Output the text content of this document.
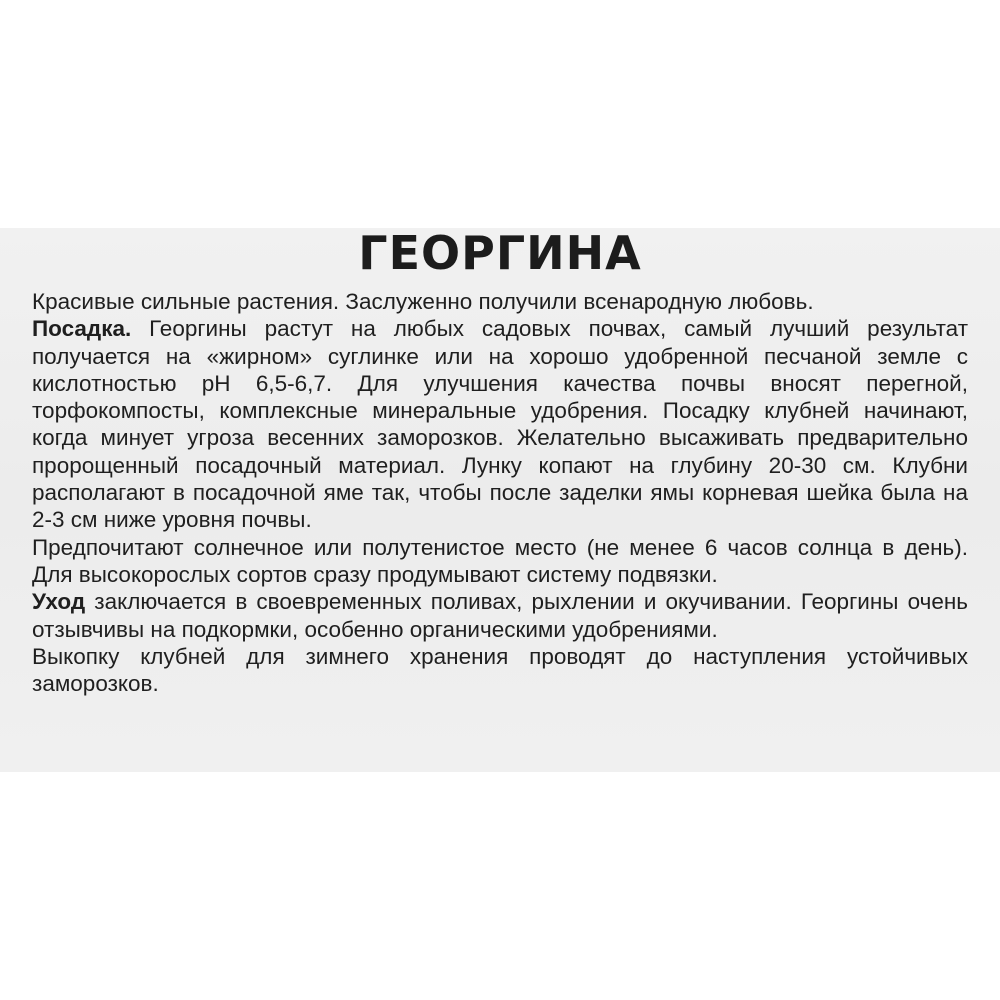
ГЕОРГИНА

Красивые сильные растения. Заслуженно получили всенародную любовь.

Посадка. Георгины растут на любых садовых почвах, самый лучший результат получается на «жирном» суглинке или на хорошо удобренной песчаной земле с кислотностью pH 6,5-6,7. Для улучшения качества почвы вносят перегной, торфокомпосты, комплексные минеральные удобрения. Посадку клубней начинают, когда минует угроза весенних заморозков. Желательно высаживать предварительно пророщенный посадочный материал. Лунку копают на глубину 20-30 см. Клубни располагают в посадочной яме так, чтобы после заделки ямы корневая шейка была на 2-3 см ниже уровня почвы.

Предпочитают солнечное или полутенистое место (не менее 6 часов солнца в день). Для высокорослых сортов сразу продумывают систему подвязки.

Уход заключается в своевременных поливах, рыхлении и окучивании. Георгины очень отзывчивы на подкормки, особенно органическими удобрениями.

Выкопку клубней для зимнего хранения проводят до наступления устойчивых заморозков.
